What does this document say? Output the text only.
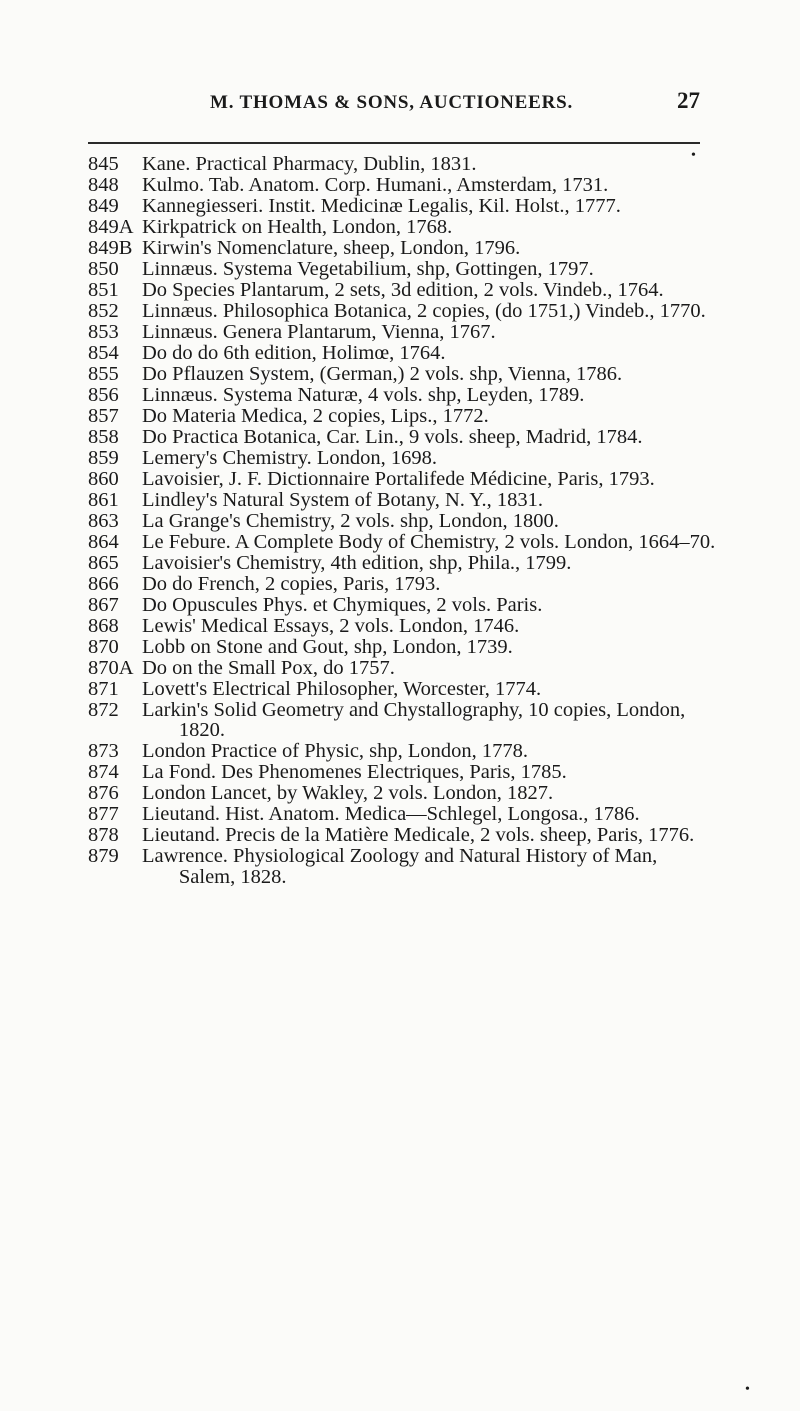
M. THOMAS & SONS, AUCTIONEERS.	27
845	Kane. Practical Pharmacy, Dublin, 1831.
848	Kulmo. Tab. Anatom. Corp. Humani., Amsterdam, 1731.
849	Kannegiesseri. Instit. Medicinæ Legalis, Kil. Holst., 1777.
849A Kirkpatrick on Health, London, 1768.
849B Kirwin's Nomenclature, sheep, London, 1796.
850	Linnæus. Systema Vegetabilium, shp, Gottingen, 1797.
851	Do Species Plantarum, 2 sets, 3d edition, 2 vols. Vindeb., 1764.
852	Linnæus. Philosophica Botanica, 2 copies, (do 1751,) Vindeb., 1770.
853	Linnæus. Genera Plantarum, Vienna, 1767.
854	Do do do 6th edition, Holimœ, 1764.
855	Do Pflauzen System, (German,) 2 vols. shp, Vienna, 1786.
856	Linnæus. Systema Naturæ, 4 vols. shp, Leyden, 1789.
857	Do Materia Medica, 2 copies, Lips., 1772.
858	Do Practica Botanica, Car. Lin., 9 vols. sheep, Madrid, 1784.
859	Lemery's Chemistry. London, 1698.
860	Lavoisier, J. F. Dictionnaire Portalifede Médicine, Paris, 1793.
861	Lindley's Natural System of Botany, N. Y., 1831.
863	La Grange's Chemistry, 2 vols. shp, London, 1800.
864	Le Febure. A Complete Body of Chemistry, 2 vols. London, 1664–70.
865	Lavoisier's Chemistry, 4th edition, shp, Phila., 1799.
866	Do do French, 2 copies, Paris, 1793.
867	Do Opuscules Phys. et Chymiques, 2 vols. Paris.
868	Lewis' Medical Essays, 2 vols. London, 1746.
870	Lobb on Stone and Gout, shp, London, 1739.
870A Do on the Small Pox, do 1757.
871	Lovett's Electrical Philosopher, Worcester, 1774.
872	Larkin's Solid Geometry and Chystallography, 10 copies, London, 1820.
873	London Practice of Physic, shp, London, 1778.
874	La Fond. Des Phenomenes Electriques, Paris, 1785.
876	London Lancet, by Wakley, 2 vols. London, 1827.
877	Lieutand. Hist. Anatom. Medica—Schlegel, Longosa., 1786.
878	Lieutand. Precis de la Matière Medicale, 2 vols. sheep, Paris, 1776.
879	Lawrence. Physiological Zoology and Natural History of Man, Salem, 1828.
•
•
